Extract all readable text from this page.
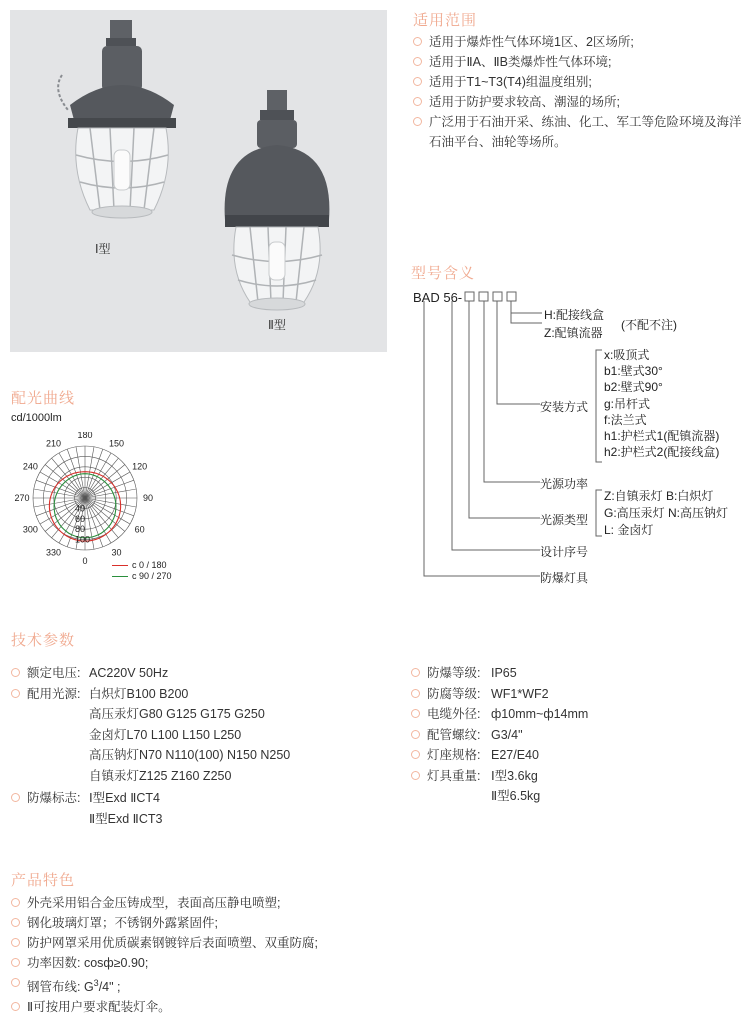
Ⅰ型
Ⅱ型
适用范围
适用于爆炸性气体环境1区、2区场所;
适用于ⅡA、ⅡB类爆炸性气体环境;
适用于T1~T3(T4)组温度组别;
适用于防护要求较高、潮湿的场所;
广泛用于石油开采、练油、化工、军工等危险环境及海洋石油平台、油轮等场所。
型号含义
BAD 56-
H:配接线盒
Z:配镇流器
(不配不注)
安装方式
x:吸顶式
b1:壁式30°
b2:壁式90°
g:吊杆式
f:法兰式
h1:护栏式1(配镇流器)
h2:护栏式2(配接线盒)
光源功率
光源类型
Z:自镇汞灯 B:白炽灯
G:高压汞灯 N:高压钠灯
L: 金卤灯
设计序号
防爆灯具
配光曲线
cd/1000lm
180
150
120
90
60
30
0
330
300
270
240
210
40
60
80
100
c 0 / 180
c 90 / 270
技术参数
额定电压: AC220V 50Hz
配用光源: 白炽灯B100 B200
高压汞灯G80 G125 G175 G250
金卤灯L70 L100 L150 L250
高压钠灯N70 N110(100) N150 N250
自镇汞灯Z125 Z160 Z250
防爆标志: Ⅰ型Exd ⅡCT4
Ⅱ型Exd ⅡCT3
防爆等级: IP65
防腐等级: WF1*WF2
电缆外径: ф10mm~ф14mm
配管螺纹: G3/4"
灯座规格: E27/E40
灯具重量: Ⅰ型3.6kg
Ⅱ型6.5kg
产品特色
外壳采用铝合金压铸成型，表面高压静电喷塑;
钢化玻璃灯罩；不锈钢外露紧固件;
防护网罩采用优质碳素钢镀锌后表面喷塑、双重防腐;
功率因数: cosф≥0.90;
钢管布线: $G^3/4$" ;
Ⅱ可按用户要求配装灯伞。
